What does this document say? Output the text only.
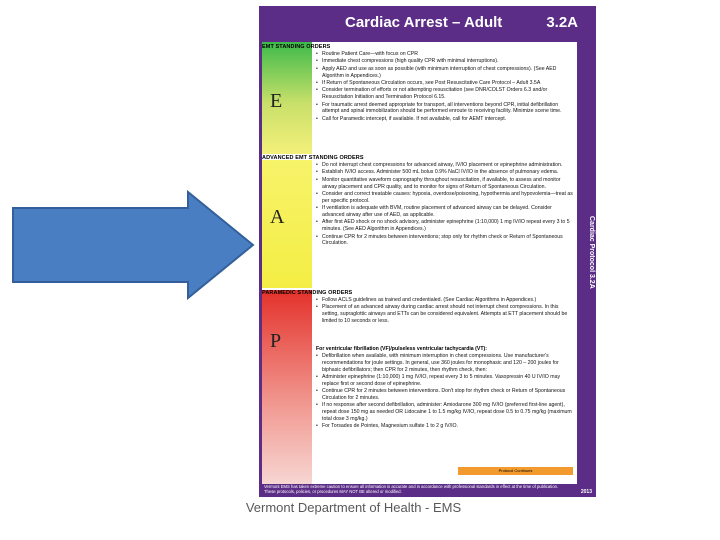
Cardiac Arrest – Adult	3.2A
E
EMT STANDING ORDERS
• Routine Patient Care—with focus on CPR
• Immediate chest compressions (high quality CPR with minimal interruptions).
• Apply AED and use as soon as possible (with minimum interruption of chest compressions). (See AED Algorithm in Appendices.)
• If Return of Spontaneous Circulation occurs, see Post Resuscitative Care Protocol – Adult 3.5A
• Consider termination of efforts or not attempting resuscitation (see DNR/COLST Orders 6.3 and/or Resuscitation Initiation and Termination Protocol 6.15.
• For traumatic arrest deemed appropriate for transport, all interventions beyond CPR, initial defibrillation attempt and spinal immobilization should be performed enroute to receiving facility. Minimize scene time.
• Call for Paramedic intercept, if available. If not available, call for AEMT intercept.
A
ADVANCED EMT STANDING ORDERS
• Do not interrupt chest compressions for advanced airway, IV/IO placement or epinephrine administration.
• Establish IV/IO access. Administer 500 mL bolus 0.9% NaCl IV/IO in the absence of pulmonary edema.
• Monitor quantitative waveform capnography throughout resuscitation, if available, to assess and monitor airway placement and CPR quality, and to monitor for signs of Return of Spontaneous Circulation.
• Consider and correct treatable causes: hypoxia, overdose/poisoning, hypothermia and hypovolemia—treat as per specific protocol.
• If ventilation is adequate with BVM, routine placement of advanced airway can be delayed. Consider advanced airway after use of AED, as applicable.
• After first AED shock or no shock advisory, administer epinephrine (1:10,000) 1 mg IV/IO repeat every 3 to 5 minutes. (See AED Algorithm in Appendices.)
• Continue CPR for 2 minutes between interventions; stop only for rhythm check or Return of Spontaneous Circulation.
P
PARAMEDIC STANDING ORDERS
• Follow ACLS guidelines as trained and credentialed. (See Cardiac Algorithms in Appendices.)
• Placement of an advanced airway during cardiac arrest should not interrupt chest compressions. In this setting, supraglottic airways and ETTs can be considered equivalent. Attempts at ETT placement should be limited to 10 seconds or less.
For ventricular fibrillation (VF)/pulseless ventricular tachycardia (VT):
• Defibrillation when available, with minimum interruption in chest compressions. Use manufacturer's recommendations for joule settings. In general, use 360 joules for monophasic and 120 – 200 joules for biphasic defibrillators; then CPR for 2 minutes, then rhythm check, then:
• Administer epinephrine (1:10,000) 1 mg IV/IO, repeat every 3 to 5 minutes. Vasopressin 40 U IV/IO may replace first or second dose of epinephrine.
• Continue CPR for 2 minutes between interventions. Don't stop for rhythm check or Return of Spontaneous Circulation for 2 minutes.
• If no response after second defibrillation, administer: Amiodarone 300 mg IV/IO (preferred first-line agent), repeat dose 150 mg as needed OR Lidocaine 1 to 1.5 mg/kg IV/IO, repeat dose 0.5 to 0.75 mg/kg (maximum total dose 3 mg/kg.)
• For Torsades de Pointes, Magnesium sulfate 1 to 2 g IV/IO.
Cardiac Protocol 3.2A
Protocol Continues
Vermont EMS has taken extreme caution to ensure all information is accurate and in accordance with professional standards in effect at the time of publication. These protocols, policies, or procedures MAY NOT BE altered or modified.	2013
Vermont Department of Health - EMS
